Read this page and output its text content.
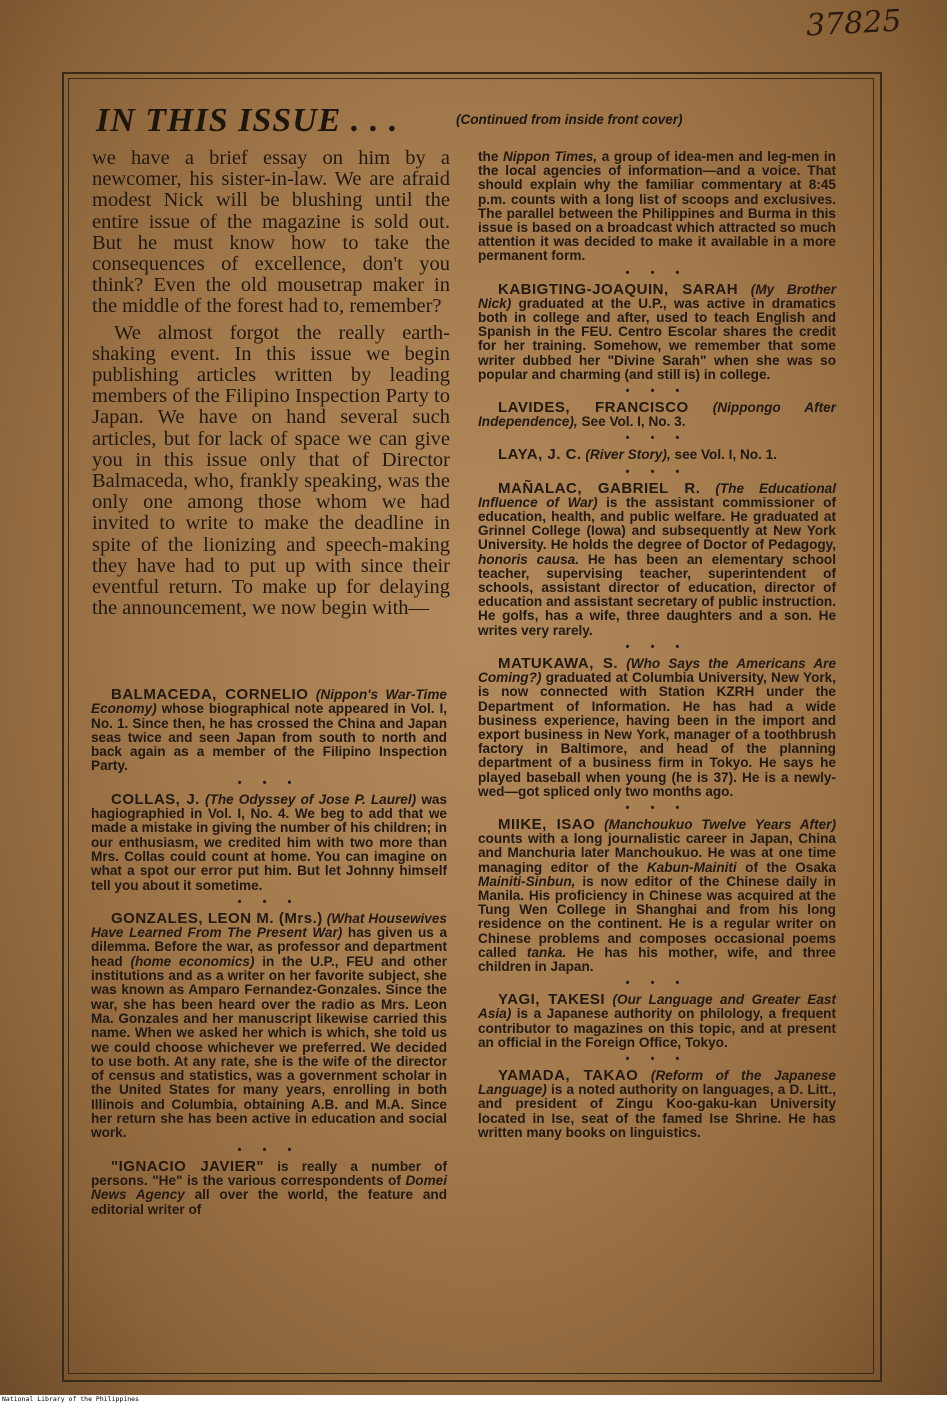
37825
IN THIS ISSUE . . .	(Continued from inside front cover)

we have a brief essay on him by a newcomer, his sister-in-law. We are afraid modest Nick will be blushing until the entire issue of the magazine is sold out. But he must know how to take the consequences of excellence, don't you think? Even the old mousetrap maker in the middle of the forest had to, remember?

We almost forgot the really earth-shaking event. In this issue we begin publishing articles written by leading members of the Filipino Inspection Party to Japan. We have on hand several such articles, but for lack of space we can give you in this issue only that of Director Balmaceda, who, frankly speaking, was the only one among those whom we had invited to write to make the deadline in spite of the lionizing and speech-making they have had to put up with since their eventful return. To make up for delaying the announcement, we now begin with—

BALMACEDA, CORNELIO (Nippon's War-Time Economy) whose biographical note appeared in Vol. I, No. 1. Since then, he has crossed the China and Japan seas twice and seen Japan from south to north and back again as a member of the Filipino Inspection Party.

• • •

COLLAS, J. (The Odyssey of Jose P. Laurel) was hagiographied in Vol. I, No. 4. We beg to add that we made a mistake in giving the number of his children; in our enthusiasm, we credited him with two more than Mrs. Collas could count at home. You can imagine on what a spot our error put him. But let Johnny himself tell you about it sometime.

• • •

GONZALES, LEON M. (Mrs.) (What Housewives Have Learned From The Present War) has given us a dilemma. Before the war, as professor and department head (home economics) in the U.P., FEU and other institutions and as a writer on her favorite subject, she was known as Amparo Fernandez-Gonzales. Since the war, she has been heard over the radio as Mrs. Leon Ma. Gonzales and her manuscript likewise carried this name. When we asked her which is which, she told us we could choose whichever we preferred. We decided to use both. At any rate, she is the wife of the director of census and statistics, was a government scholar in the United States for many years, enrolling in both Illinois and Columbia, obtaining A.B. and M.A. Since her return she has been active in education and social work.

• • •

"IGNACIO JAVIER" is really a number of persons. "He" is the various correspondents of Domei News Agency all over the world, the feature and editorial writer of

the Nippon Times, a group of idea-men and leg-men in the local agencies of information—and a voice. That should explain why the familiar commentary at 8:45 p.m. counts with a long list of scoops and exclusives. The parallel between the Philippines and Burma in this issue is based on a broadcast which attracted so much attention it was decided to make it available in a more permanent form.

• • •

KABIGTING-JOAQUIN, SARAH (My Brother Nick) graduated at the U.P., was active in dramatics both in college and after, used to teach English and Spanish in the FEU. Centro Escolar shares the credit for her training. Somehow, we remember that some writer dubbed her "Divine Sarah" when she was so popular and charming (and still is) in college.

• • •

LAVIDES, FRANCISCO (Nippongo After Independence), See Vol. I, No. 3.

• • •

LAYA, J. C. (River Story), see Vol. I, No. 1.

• • •

MAÑALAC, GABRIEL R. (The Educational Influence of War) is the assistant commissioner of education, health, and public welfare. He graduated at Grinnel College (Iowa) and subsequently at New York University. He holds the degree of Doctor of Pedagogy, honoris causa. He has been an elementary school teacher, supervising teacher, superintendent of schools, assistant director of education, director of education and assistant secretary of public instruction. He golfs, has a wife, three daughters and a son. He writes very rarely.

• • •

MATUKAWA, S. (Who Says the Americans Are Coming?) graduated at Columbia University, New York, is now connected with Station KZRH under the Department of Information. He has had a wide business experience, having been in the import and export business in New York, manager of a toothbrush factory in Baltimore, and head of the planning department of a business firm in Tokyo. He says he played baseball when young (he is 37). He is a newly-wed—got spliced only two months ago.

• • •

MIIKE, ISAO (Manchoukuo Twelve Years After) counts with a long journalistic career in Japan, China and Manchuria later Manchoukuo. He was at one time managing editor of the Kabun-Mainiti of the Osaka Mainiti-Sinbun, is now editor of the Chinese daily in Manila. His proficiency in Chinese was acquired at the Tung Wen College in Shanghai and from his long residence on the continent. He is a regular writer on Chinese problems and composes occasional poems called tanka. He has his mother, wife, and three children in Japan.

• • •

YAGI, TAKESI (Our Language and Greater East Asia) is a Japanese authority on philology, a frequent contributor to magazines on this topic, and at present an official in the Foreign Office, Tokyo.

• • •

YAMADA, TAKAO (Reform of the Japanese Language) is a noted authority on languages, a D. Litt., and president of Zingu Koo-gaku-kan University located in Ise, seat of the famed Ise Shrine. He has written many books on linguistics.

National Library of the Philippines
